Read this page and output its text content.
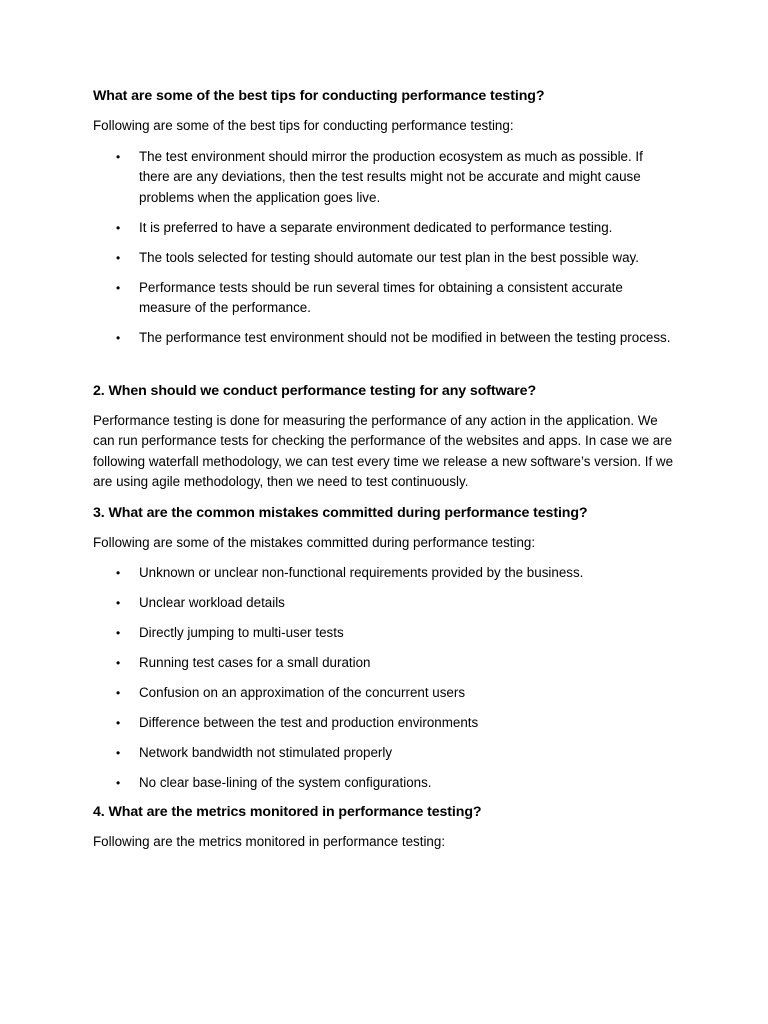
What are some of the best tips for conducting performance testing?

Following are some of the best tips for conducting performance testing:

• The test environment should mirror the production ecosystem as much as possible. If there are any deviations, then the test results might not be accurate and might cause problems when the application goes live.
• It is preferred to have a separate environment dedicated to performance testing.
• The tools selected for testing should automate our test plan in the best possible way.
• Performance tests should be run several times for obtaining a consistent accurate measure of the performance.
• The performance test environment should not be modified in between the testing process.
2. When should we conduct performance testing for any software?

Performance testing is done for measuring the performance of any action in the application. We can run performance tests for checking the performance of the websites and apps. In case we are following waterfall methodology, we can test every time we release a new software’s version. If we are using agile methodology, then we need to test continuously.

3. What are the common mistakes committed during performance testing?

Following are some of the mistakes committed during performance testing:

• Unknown or unclear non-functional requirements provided by the business.
• Unclear workload details
• Directly jumping to multi-user tests
• Running test cases for a small duration
• Confusion on an approximation of the concurrent users
• Difference between the test and production environments
• Network bandwidth not stimulated properly
• No clear base-lining of the system configurations.
4. What are the metrics monitored in performance testing?

Following are the metrics monitored in performance testing:
